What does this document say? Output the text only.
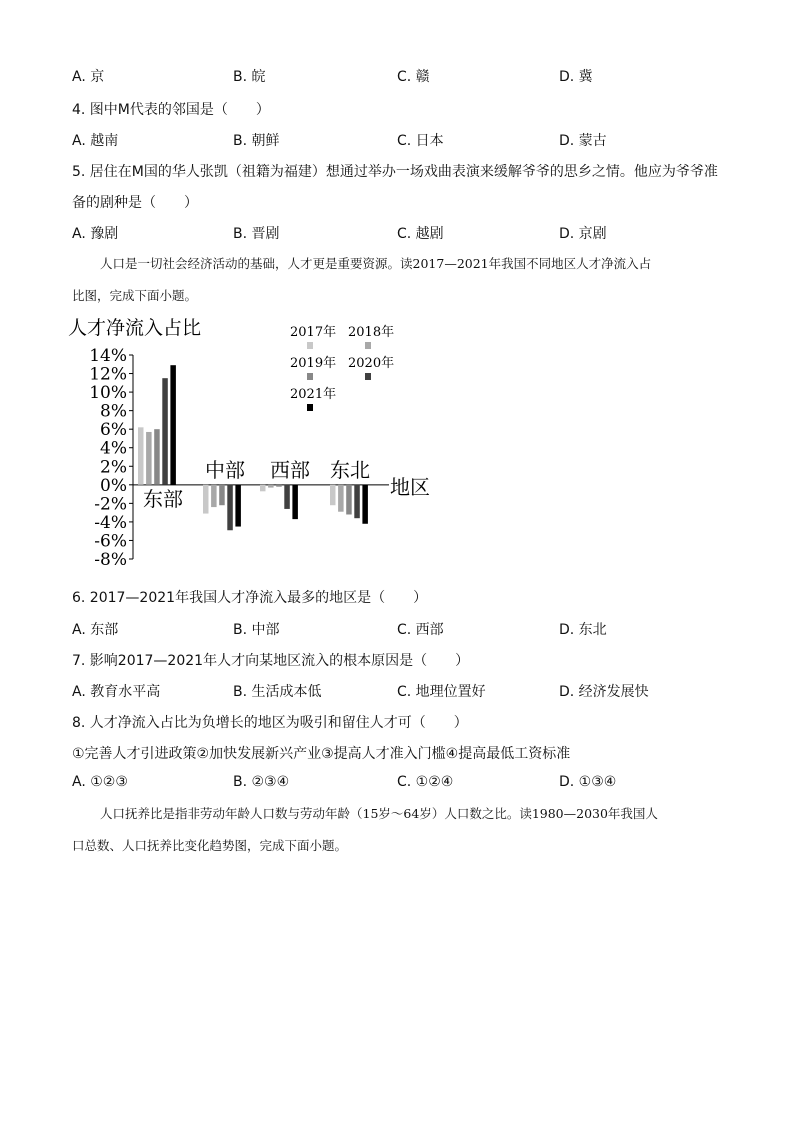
A. 京	B. 皖	C. 赣	D. 冀
4. 图中M代表的邻国是（　　）
A. 越南	B. 朝鲜	C. 日本	D. 蒙古
5. 居住在M国的华人张凯（祖籍为福建）想通过举办一场戏曲表演来缓解爷爷的思乡之情。他应为爷爷准
备的剧种是（　　）
A. 豫剧	B. 晋剧	C. 越剧	D. 京剧
人口是一切社会经济活动的基础，人才更是重要资源。读2017—2021年我国不同地区人才净流入占
比图，完成下面小题。
人才净流入占比
14%
12%
10%
8%
6%
4%
2%
0%
-2%
-4%
-6%
-8%
东部
中部 西部 东北
2017年 2018年
2019年 2020年
2021年
地区
6. 2017—2021年我国人才净流入最多的地区是（　　）
A. 东部	B. 中部	C. 西部	D. 东北
7. 影响2017—2021年人才向某地区流入的根本原因是（　　）
A. 教育水平高	B. 生活成本低	C. 地理位置好	D. 经济发展快
8. 人才净流入占比为负增长的地区为吸引和留住人才可（　　）
①完善人才引进政策②加快发展新兴产业③提高人才准入门槛④提高最低工资标准
A. ①②③	B. ②③④	C. ①②④	D. ①③④
人口抚养比是指非劳动年龄人口数与劳动年龄（15岁～64岁）人口数之比。读1980—2030年我国人
口总数、人口抚养比变化趋势图，完成下面小题。
